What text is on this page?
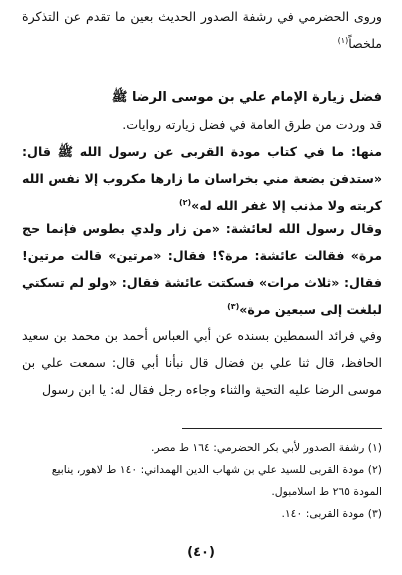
وروى الحضرمي في رشفة الصدور الحديث بعين ما تقدم عن التذكرة ملخصاً$^{(١)}$
فضل زيارة الإمام علي بن موسى الرضا ﷺ
قد وردت من طرق العامة في فضل زيارته روايات.
منها: ما في كتاب مودة القربى عن رسول الله ﷺ قال: «ستدفن بضعة مني بخراسان ما زارها مكروب إلا نفس الله كربته ولا مذنب إلا غفر الله له»$^{(٢)}$
وقال رسول الله لعائشة: «من زار ولدي بطوس فإنما حج مرة» فقالت عائشة: مرة؟! فقال: «مرتين» قالت مرتين! فقال: «ثلاث مرات» فسكتت عائشة فقال: «ولو لم تسكتي لبلغت إلى سبعين مرة»$^{(٣)}$
وفي فرائد السمطين بسنده عن أبي العباس أحمد بن محمد بن سعيد الحافظ، قال ثنا علي بن فضال قال نبأنا أبي قال: سمعت علي بن موسى الرضا عليه التحية والثناء وجاءه رجل فقال له: يا ابن رسول
(١) رشفة الصدور لأبي بكر الحضرمي: ١٦٤ ط مصر.
(٢) مودة القربى للسيد علي بن شهاب الدين الهمداني: ١٤٠ ط لاهور، ينابيع المودة ٢٦٥ ط اسلامبول.
(٣) مودة القربى: ١٤٠.
(٤٠)
